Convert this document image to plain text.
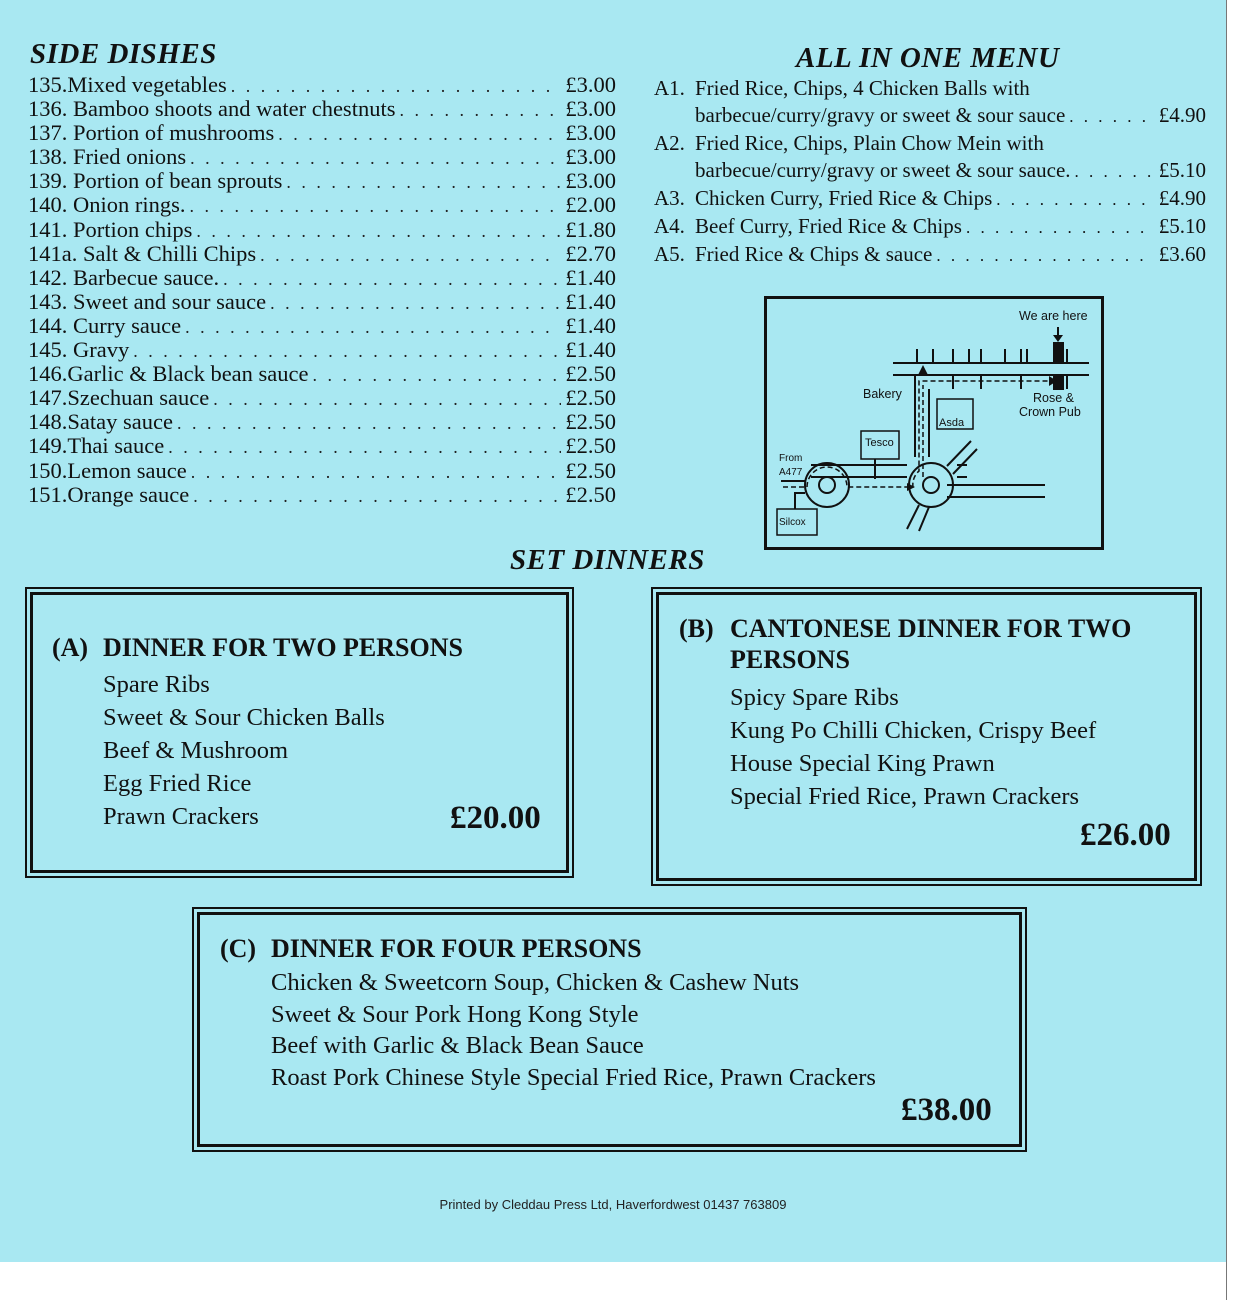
SIDE DISHES
135.Mixed vegetables . . .	£3.00
136. Bamboo shoots and water chestnuts . . .	£3.00
137. Portion of mushrooms . . .	£3.00
138. Fried onions . . .	£3.00
139. Portion of bean sprouts . . .	£3.00
140. Onion rings. . . .	£2.00
141. Portion chips . . .	£1.80
141a. Salt & Chilli Chips . . .	£2.70
142. Barbecue sauce. . . .	£1.40
143. Sweet and sour sauce . . .	£1.40
144. Curry sauce . . .	£1.40
145. Gravy . . .	£1.40
146.Garlic & Black bean sauce . . .	£2.50
147.Szechuan sauce . . .	£2.50
148.Satay sauce . . .	£2.50
149.Thai sauce . . .	£2.50
150.Lemon sauce . . .	£2.50
151.Orange sauce . . .	£2.50
ALL IN ONE MENU
A1. Fried Rice, Chips, 4 Chicken Balls with
barbecue/curry/gravy or sweet & sour sauce . . .	£4.90
A2. Fried Rice, Chips, Plain Chow Mein with
barbecue/curry/gravy or sweet & sour sauce. . . .	£5.10
A3. Chicken Curry, Fried Rice & Chips . . .	£4.90
A4. Beef Curry, Fried Rice & Chips . . .	£5.10
A5. Fried Rice & Chips & sauce . . .	£3.60
We are here
Bakery
Asda
Rose &
Crown Pub
Tesco
From
A477
Silcox
SET DINNERS

(A) DINNER FOR TWO PERSONS

Spare Ribs
Sweet & Sour Chicken Balls
Beef & Mushroom
Egg Fried Rice
Prawn Crackers	£20.00

(B) CANTONESE DINNER FOR TWO

PERSONS

Spicy Spare Ribs
Kung Po Chilli Chicken, Crispy Beef
House Special King Prawn
Special Fried Rice, Prawn Crackers
£26.00

(C) DINNER FOR FOUR PERSONS

Chicken & Sweetcorn Soup, Chicken & Cashew Nuts
Sweet & Sour Pork Hong Kong Style
Beef with Garlic & Black Bean Sauce
Roast Pork Chinese Style Special Fried Rice, Prawn Crackers
£38.00
Printed by Cleddau Press Ltd, Haverfordwest 01437 763809
